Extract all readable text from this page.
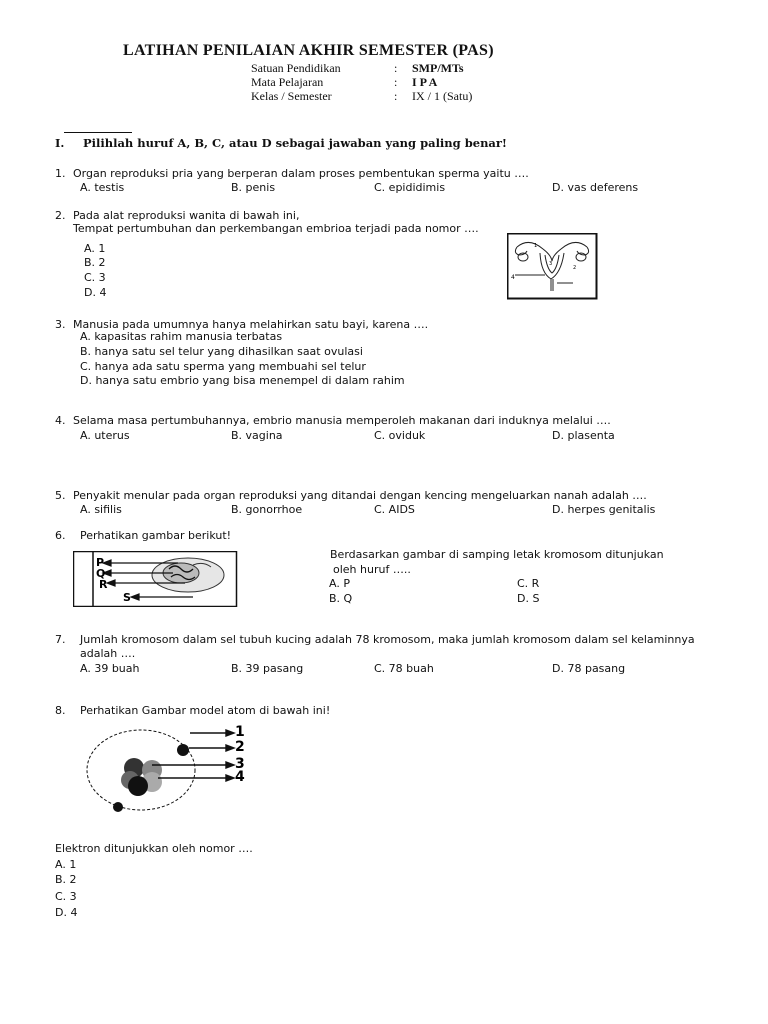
LATIHAN PENILAIAN AKHIR SEMESTER (PAS)
Satuan Pendidikan	: SMP/MTs
Mata Pelajaran	: I P A
Kelas / Semester	: IX / 1 (Satu)
I. Pilihlah huruf A, B, C, atau D sebagai jawaban yang paling benar!
1. Organ reproduksi pria yang berperan dalam proses pembentukan sperma yaitu ….
A. testis	B. penis	C. epididimis	D. vas deferens
2. Pada alat reproduksi wanita di bawah ini,
Tempat pertumbuhan dan perkembangan embrioa terjadi pada nomor ….
A. 1
B. 2
C. 3
D. 4
4
1
2
3
3. Manusia pada umumnya hanya melahirkan satu bayi, karena ….
A. kapasitas rahim manusia terbatas
B. hanya satu sel telur yang dihasilkan saat ovulasi
C. hanya ada satu sperma yang membuahi sel telur
D. hanya satu embrio yang bisa menempel di dalam rahim
4. Selama masa pertumbuhannya, embrio manusia memperoleh makanan dari induknya melalui ….
A. uterus	B. vagina	C. oviduk	D. plasenta
5. Penyakit menular pada organ reproduksi yang ditandai dengan kencing mengeluarkan nanah adalah ….
A. sifilis	B. gonorrhoe	C. AIDS	D. herpes genitalis
6. Perhatikan gambar berikut!
P
Q
R
S
Berdasarkan gambar di samping letak kromosom ditunjukan
oleh huruf …..
A. P
B. Q
C. R
D. S
7. Jumlah kromosom dalam sel tubuh kucing adalah 78 kromosom, maka jumlah kromosom dalam sel kelaminnya
adalah ….
A. 39 buah	B. 39 pasang	C. 78 buah	D. 78 pasang
8. Perhatikan Gambar model atom di bawah ini!
1
2
3
4
Elektron ditunjukkan oleh nomor ….
A. 1
B. 2
C. 3
D. 4
